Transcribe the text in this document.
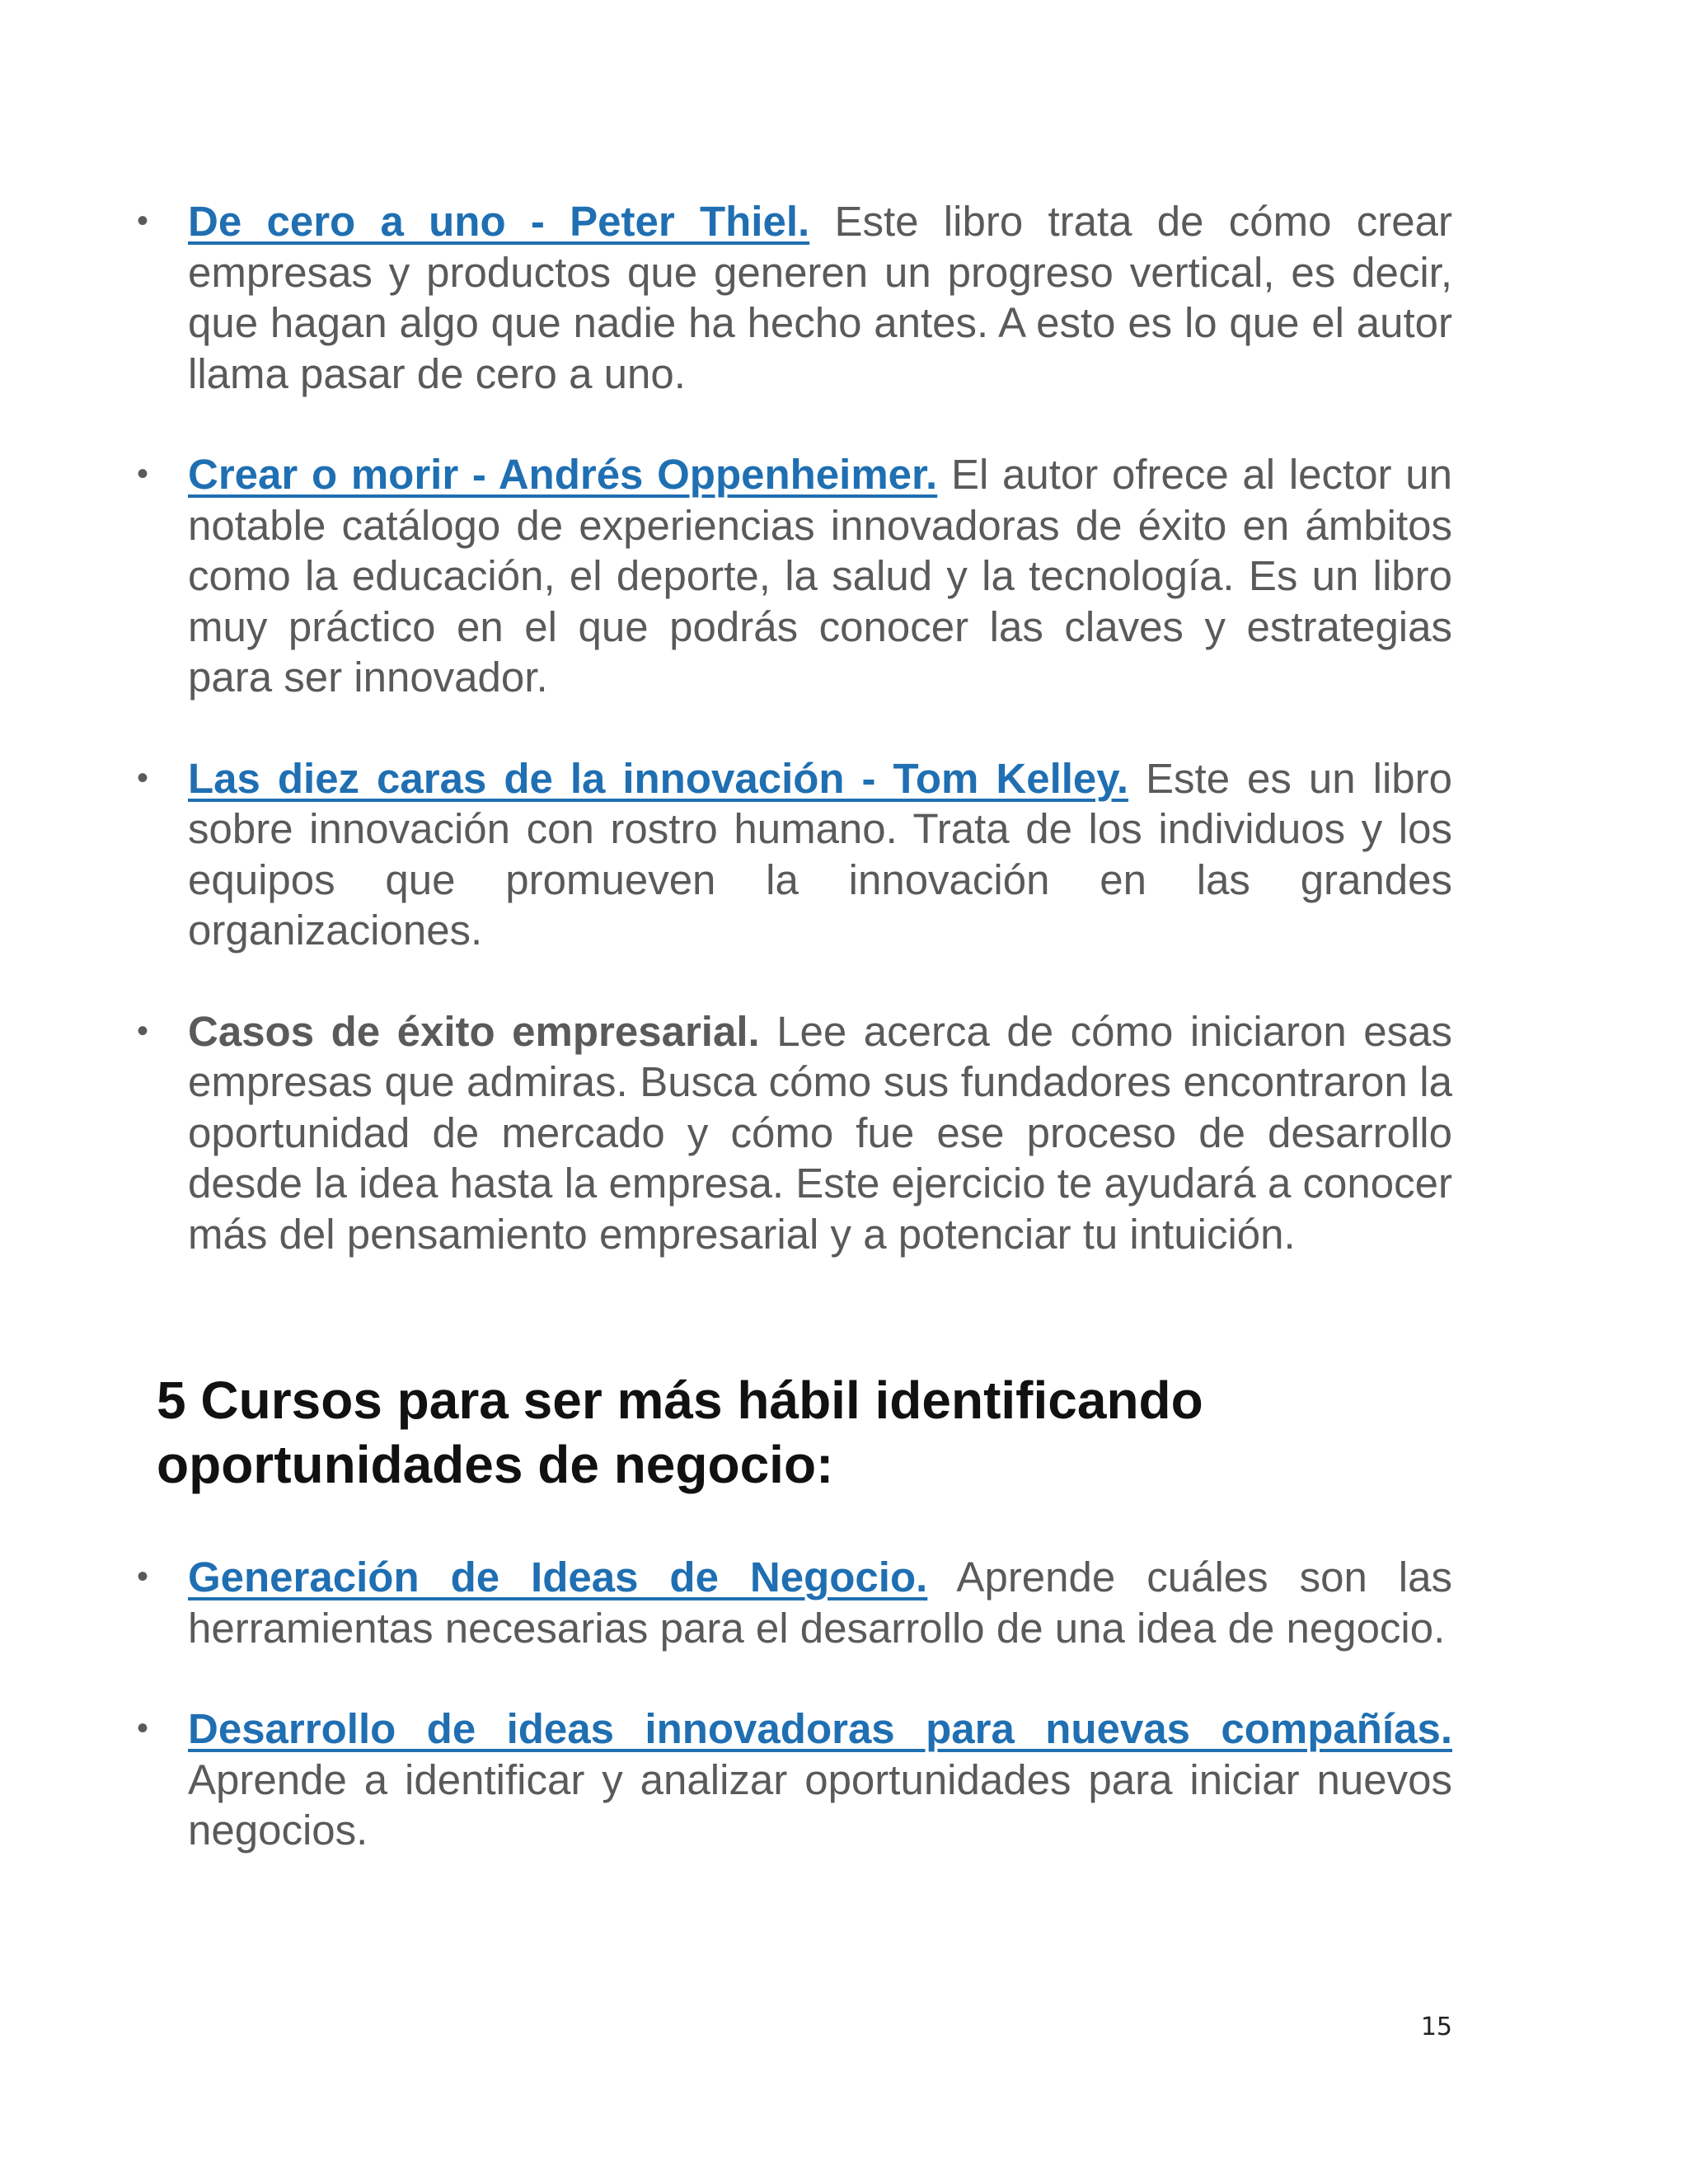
• De cero a uno - Peter Thiel. Este libro trata de cómo crear empresas y productos que generen un progreso vertical, es decir, que hagan algo que nadie ha hecho antes. A esto es lo que el autor llama pasar de cero a uno.
• Crear o morir - Andrés Oppenheimer. El autor ofrece al lector un notable catálogo de experiencias innovadoras de éxito en ámbitos como la educación, el deporte, la salud y la tecnología. Es un libro muy práctico en el que podrás conocer las claves y estrategias para ser innovador.
• Las diez caras de la innovación - Tom Kelley. Este es un libro sobre innovación con rostro humano. Trata de los individuos y los equipos que promueven la innovación en las grandes organizaciones.
• Casos de éxito empresarial. Lee acerca de cómo iniciaron esas empresas que admiras. Busca cómo sus fundadores encontraron la oportunidad de mercado y cómo fue ese proceso de desarrollo desde la idea hasta la empresa. Este ejercicio te ayudará a conocer más del pensamiento empresarial y a potenciar tu intuición.
5 Cursos para ser más hábil identificando oportunidades de negocio:
• Generación de Ideas de Negocio. Aprende cuáles son las herramientas necesarias para el desarrollo de una idea de negocio.
• Desarrollo de ideas innovadoras para nuevas compañías. Aprende a identificar y analizar oportunidades para iniciar nuevos negocios.
15
